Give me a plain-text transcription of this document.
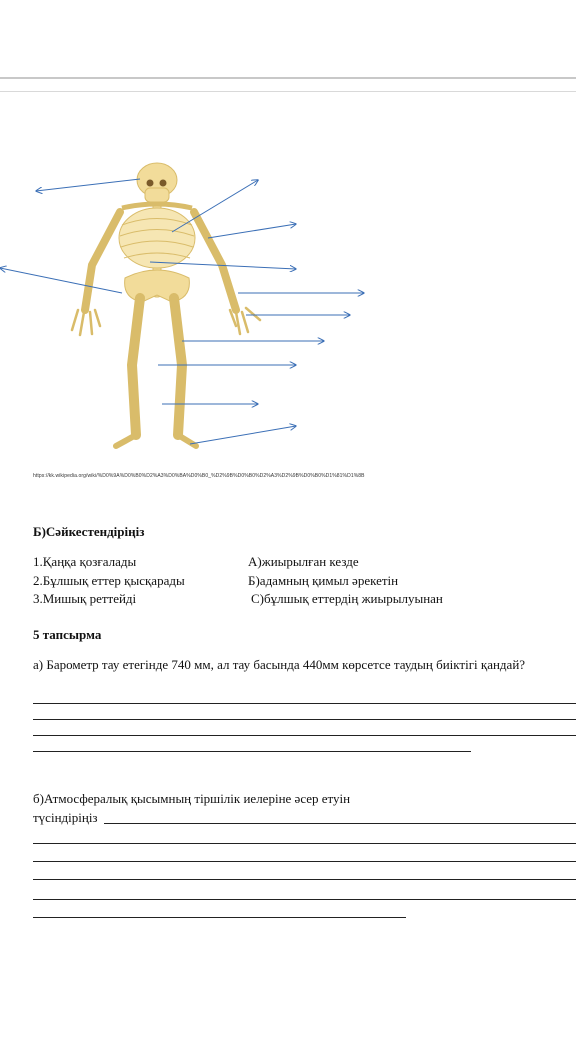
https://kk.wikipedia.org/wiki/%D0%9A%D0%B0%D2%A3%D0%BA%D0%B0_%D2%9B%D0%B0%D2%A3%D2%9B%D0%B0%D1%81%D1%8B
Б)Сәйкестендіріңіз
1.Қаңқа қозғалады	А)жиырылған кезде
2.Бұлшық еттер қысқарады	Б)адамның қимыл әрекетін
3.Мишық реттейді	С)бұлшық еттердің жиырылуынан
5 тапсырма
а) Барометр тау етегінде 740 мм, ал тау басында 440мм көрсетсе таудың биіктігі қандай?
б)Атмосфералық қысымның тіршілік иелеріне әсер етуін
түсіндіріңіз
